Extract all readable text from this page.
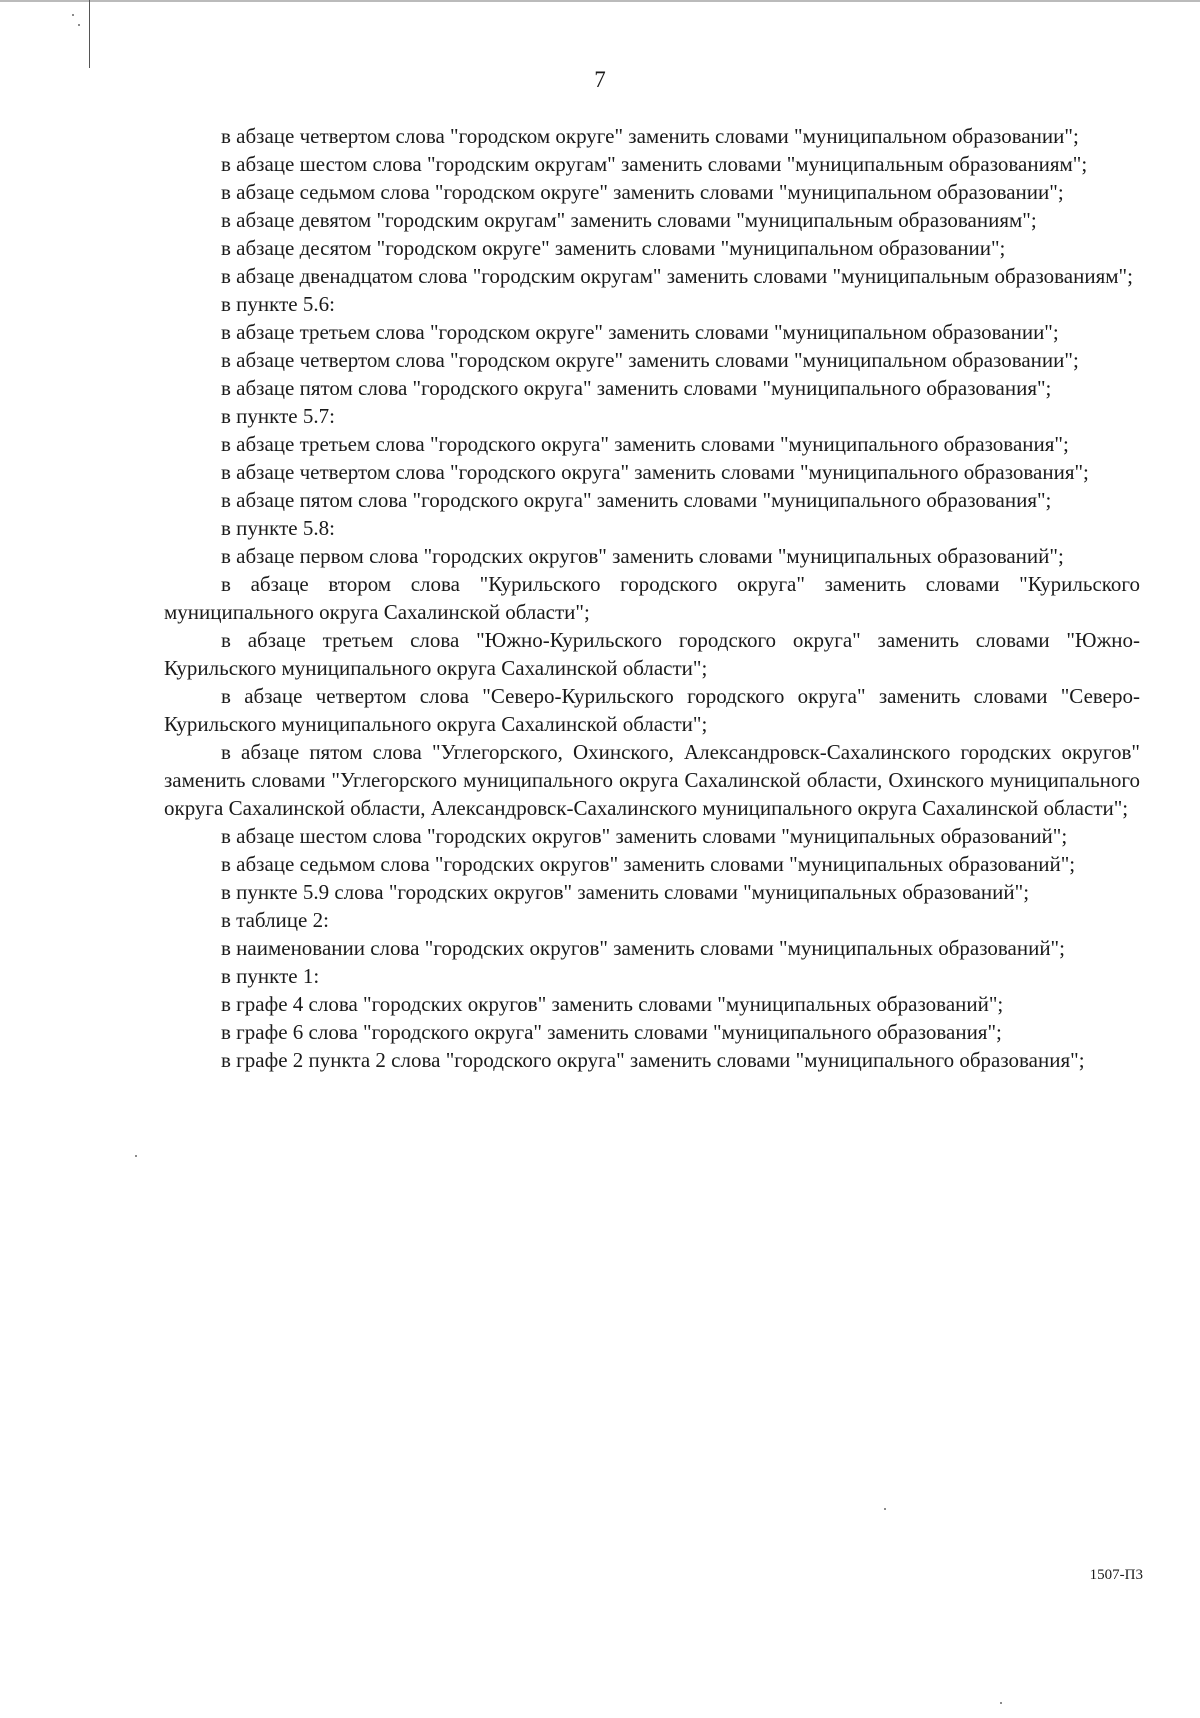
7

в абзаце четвертом слова "городском округе" заменить словами "муниципальном образовании";

в абзаце шестом слова "городским округам" заменить словами "муниципальным образованиям";

в абзаце седьмом слова "городском округе" заменить словами "муниципальном образовании";

в абзаце девятом "городским округам" заменить словами "муниципальным образованиям";

в абзаце десятом "городском округе" заменить словами "муниципальном образовании";

в абзаце двенадцатом слова "городским округам" заменить словами "муниципальным образованиям";

в пункте 5.6:

в абзаце третьем слова "городском округе" заменить словами "муниципальном образовании";

в абзаце четвертом слова "городском округе" заменить словами "муниципальном образовании";

в абзаце пятом слова "городского округа" заменить словами "муниципального образования";

в пункте 5.7:

в абзаце третьем слова "городского округа" заменить словами "муниципального образования";

в абзаце четвертом слова "городского округа" заменить словами "муниципального образования";

в абзаце пятом слова "городского округа" заменить словами "муниципального образования";

в пункте 5.8:

в абзаце первом слова "городских округов" заменить словами "муниципальных образований";

в абзаце втором слова "Курильского городского округа" заменить словами "Курильского муниципального округа Сахалинской области";

в абзаце третьем слова "Южно-Курильского городского округа" заменить словами "Южно-Курильского муниципального округа Сахалинской области";

в абзаце четвертом слова "Северо-Курильского городского округа" заменить словами "Северо-Курильского муниципального округа Сахалинской области";

в абзаце пятом слова "Углегорского, Охинского, Александровск-Сахалинского городских округов" заменить словами "Углегорского муниципального округа Сахалинской области, Охинского муниципального округа Сахалинской области, Александровск-Сахалинского муниципального округа Сахалинской области";

в абзаце шестом слова "городских округов" заменить словами "муниципальных образований";

в абзаце седьмом слова "городских округов" заменить словами "муниципальных образований";

в пункте 5.9 слова "городских округов" заменить словами "муниципальных образований";

в таблице 2:

в наименовании слова "городских округов" заменить словами "муниципальных образований";

в пункте 1:

в графе 4 слова "городских округов" заменить словами "муниципальных образований";

в графе 6 слова "городского округа" заменить словами "муниципального образования";

в графе 2 пункта 2 слова "городского округа" заменить словами "муниципального образования";

1507-П3
